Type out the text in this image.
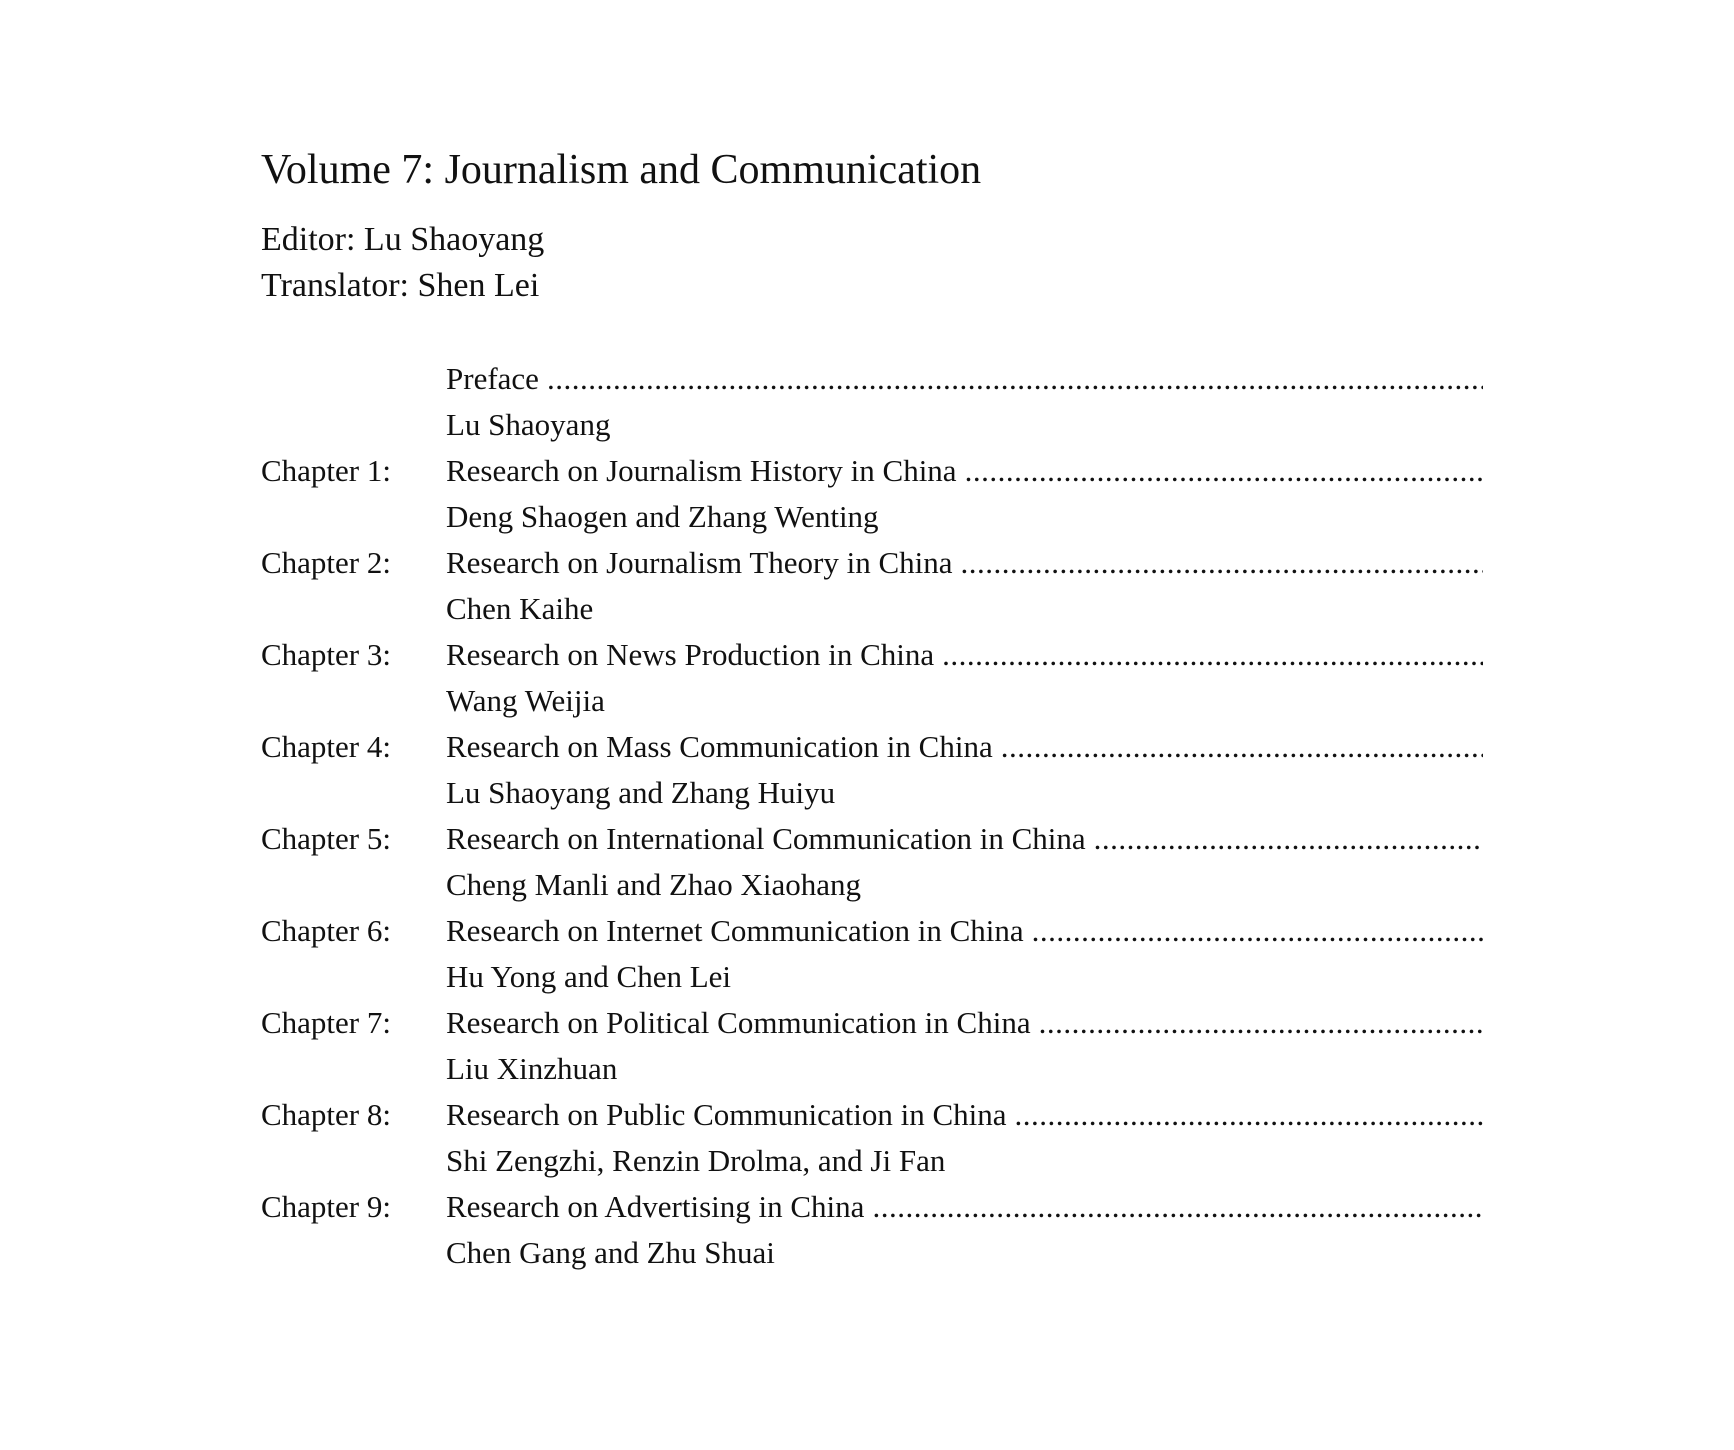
Volume 7: Journalism and Communication
Editor: Lu Shaoyang
Translator: Shen Lei
Preface
.....
Lu Shaoyang
Chapter 1:	Research on Journalism History in China
.....
Deng Shaogen and Zhang Wenting
Chapter 2:	Research on Journalism Theory in China
.....
Chen Kaihe
Chapter 3:	Research on News Production in China
.....
Wang Weijia
Chapter 4:	Research on Mass Communication in China
.....
Lu Shaoyang and Zhang Huiyu
Chapter 5:	Research on International Communication in China
.....
Cheng Manli and Zhao Xiaohang
Chapter 6:	Research on Internet Communication in China
.....
Hu Yong and Chen Lei
Chapter 7:	Research on Political Communication in China
.....
Liu Xinzhuan
Chapter 8:	Research on Public Communication in China
.....
Shi Zengzhi, Renzin Drolma, and Ji Fan
Chapter 9:	Research on Advertising in China
.....
Chen Gang and Zhu Shuai
